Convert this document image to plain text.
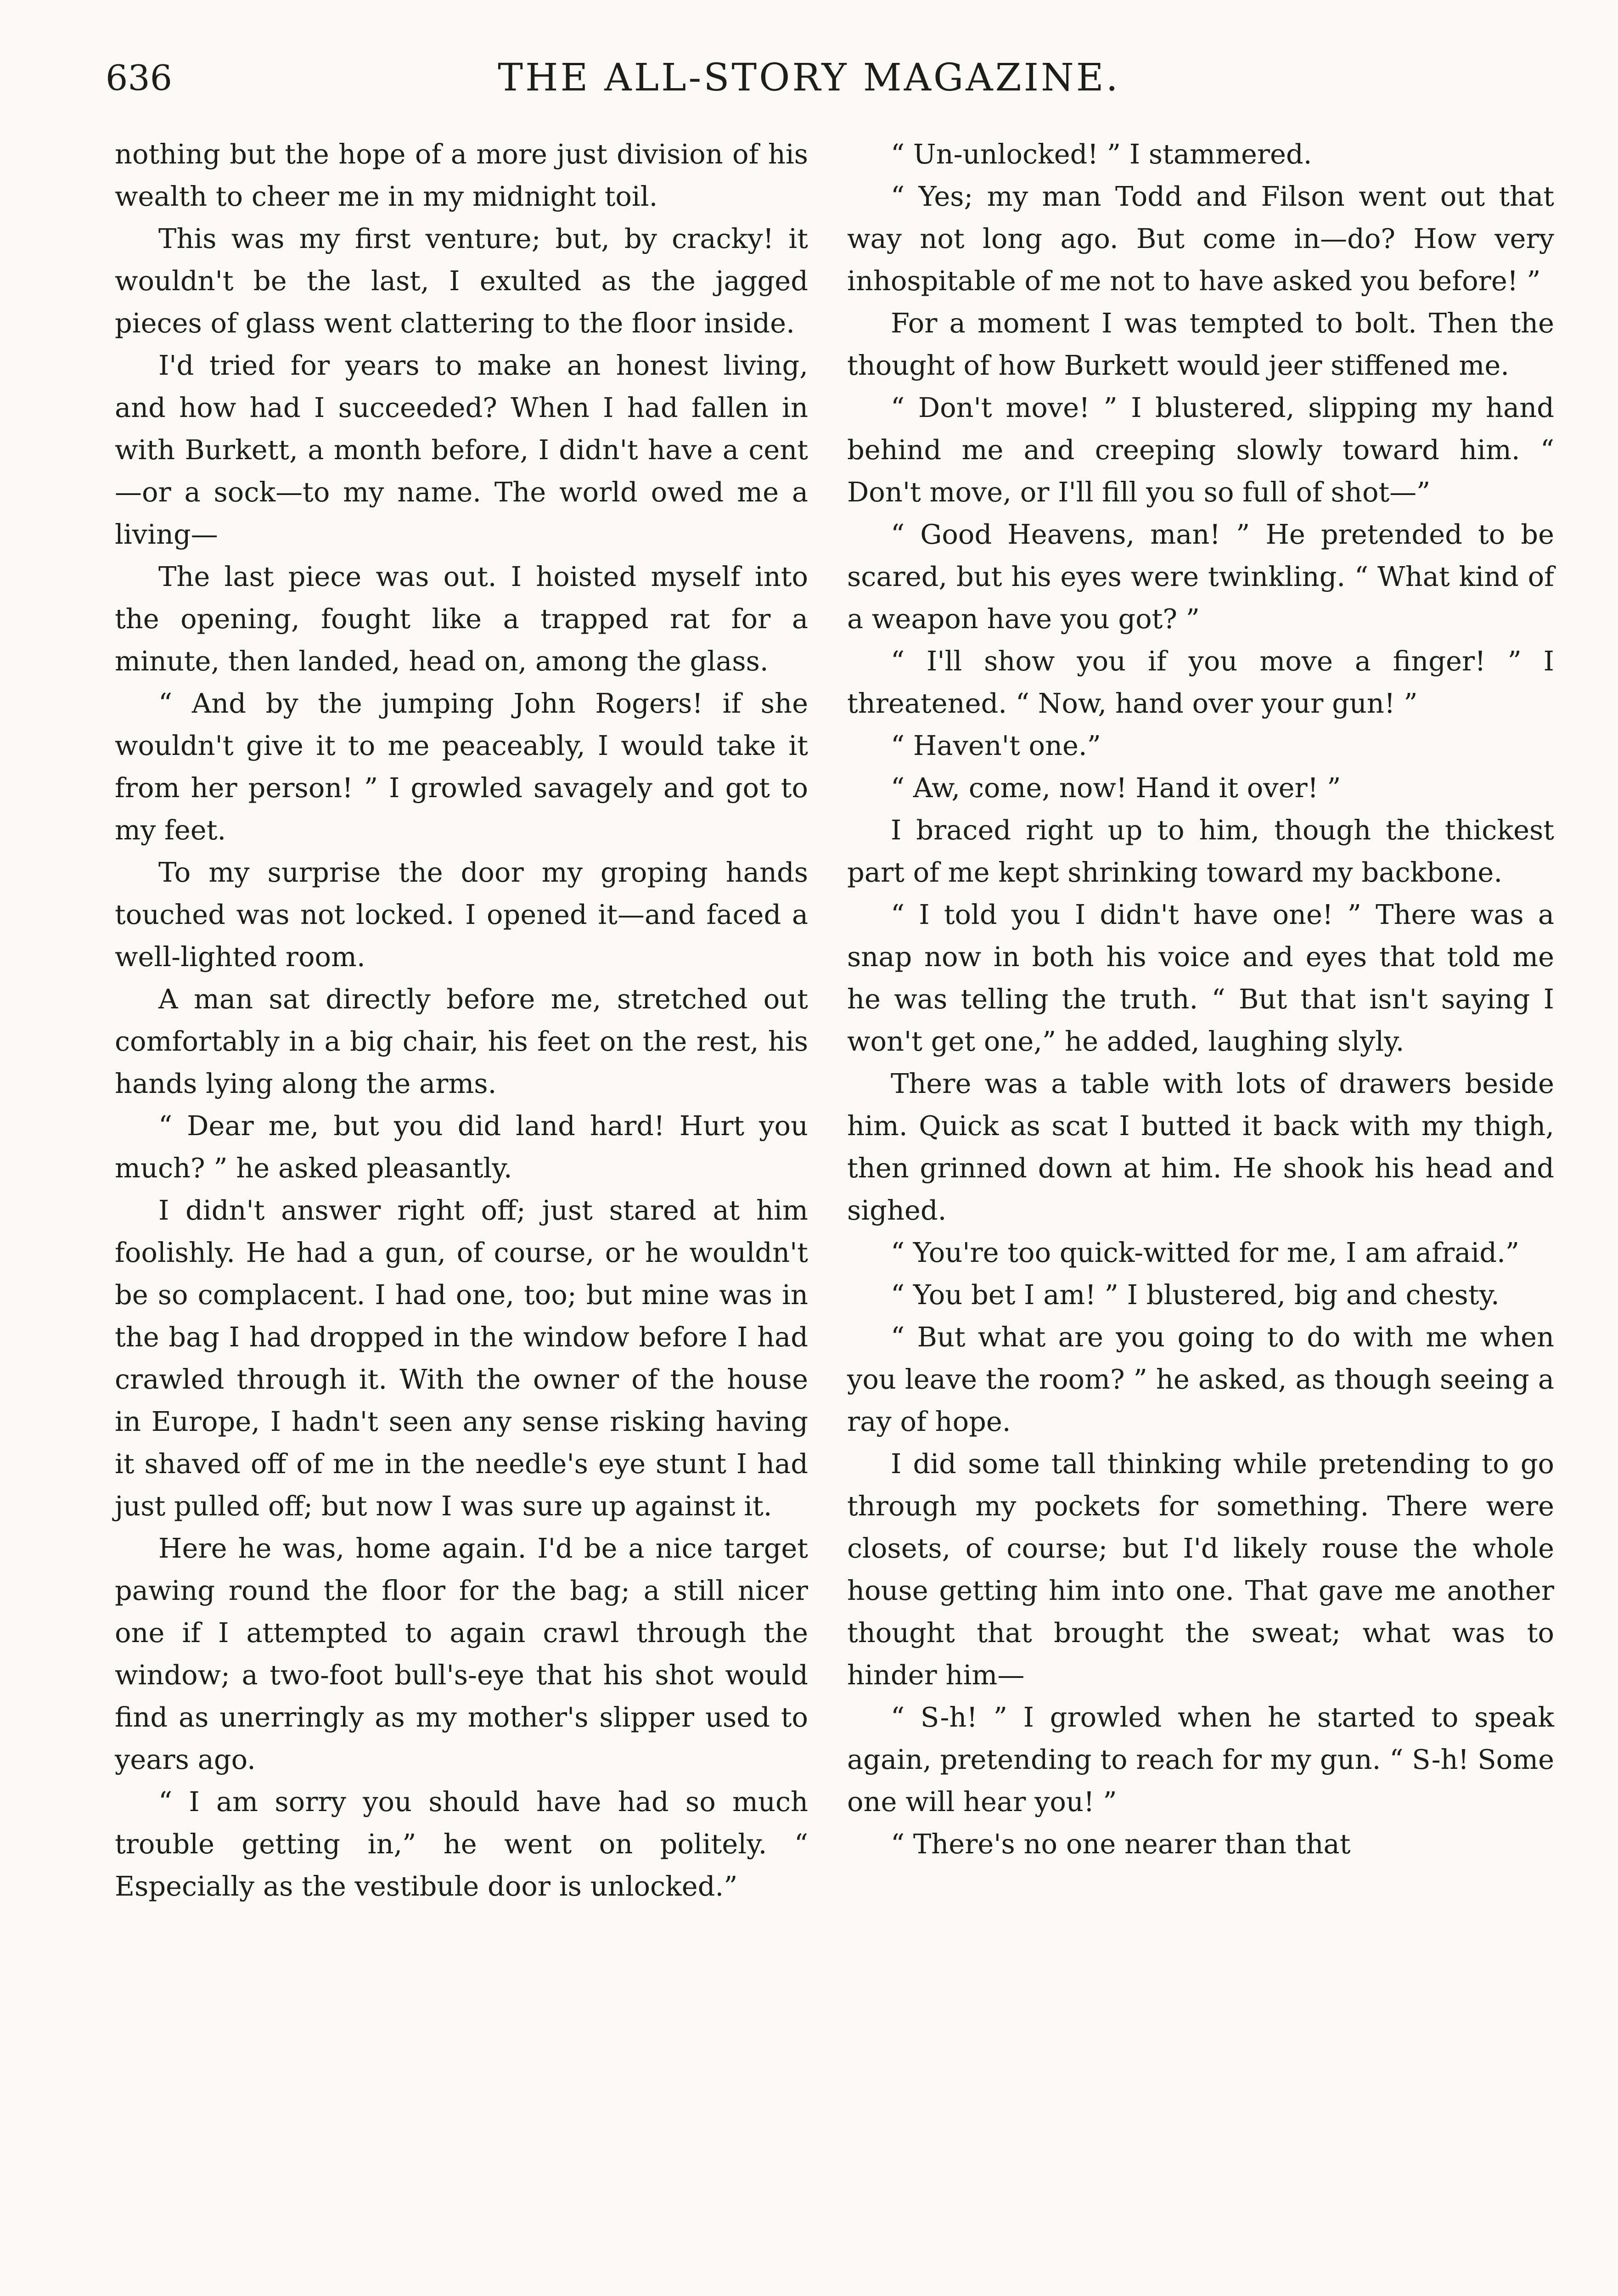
636	THE ALL-STORY MAGAZINE.

nothing but the hope of a more just division of his wealth to cheer me in my midnight toil.

This was my first venture; but, by cracky! it wouldn't be the last, I exulted as the jagged pieces of glass went clattering to the floor inside.

I'd tried for years to make an honest living, and how had I succeeded? When I had fallen in with Burkett, a month before, I didn't have a cent—or a sock—to my name. The world owed me a living—

The last piece was out. I hoisted myself into the opening, fought like a trapped rat for a minute, then landed, head on, among the glass.

“ And by the jumping John Rogers! if she wouldn't give it to me peaceably, I would take it from her person! ” I growled savagely and got to my feet.

To my surprise the door my groping hands touched was not locked. I opened it—and faced a well-lighted room.

A man sat directly before me, stretched out comfortably in a big chair, his feet on the rest, his hands lying along the arms.

“ Dear me, but you did land hard! Hurt you much? ” he asked pleasantly.

I didn't answer right off; just stared at him foolishly. He had a gun, of course, or he wouldn't be so complacent. I had one, too; but mine was in the bag I had dropped in the window before I had crawled through it. With the owner of the house in Europe, I hadn't seen any sense risking having it shaved off of me in the needle's eye stunt I had just pulled off; but now I was sure up against it.

Here he was, home again. I'd be a nice target pawing round the floor for the bag; a still nicer one if I attempted to again crawl through the window; a two-foot bull's-eye that his shot would find as unerringly as my mother's slipper used to years ago.

“ I am sorry you should have had so much trouble getting in,” he went on politely. “ Especially as the vestibule door is unlocked.”

“ Un-unlocked! ” I stammered.

“ Yes; my man Todd and Filson went out that way not long ago. But come in—do? How very inhospitable of me not to have asked you before! ”

For a moment I was tempted to bolt. Then the thought of how Burkett would jeer stiffened me.

“ Don't move! ” I blustered, slipping my hand behind me and creeping slowly toward him. “ Don't move, or I'll fill you so full of shot—”

“ Good Heavens, man! ” He pretended to be scared, but his eyes were twinkling. “ What kind of a weapon have you got? ”

“ I'll show you if you move a finger! ” I threatened. “ Now, hand over your gun! ”

“ Haven't one.”

“ Aw, come, now! Hand it over! ”

I braced right up to him, though the thickest part of me kept shrinking toward my backbone.

“ I told you I didn't have one! ” There was a snap now in both his voice and eyes that told me he was telling the truth. “ But that isn't saying I won't get one,” he added, laughing slyly.

There was a table with lots of drawers beside him. Quick as scat I butted it back with my thigh, then grinned down at him. He shook his head and sighed.

“ You're too quick-witted for me, I am afraid.”

“ You bet I am! ” I blustered, big and chesty.

“ But what are you going to do with me when you leave the room? ” he asked, as though seeing a ray of hope.

I did some tall thinking while pretending to go through my pockets for something. There were closets, of course; but I'd likely rouse the whole house getting him into one. That gave me another thought that brought the sweat; what was to hinder him—

“ S-h! ” I growled when he started to speak again, pretending to reach for my gun. “ S-h! Some one will hear you! ”

“ There's no one nearer than that
